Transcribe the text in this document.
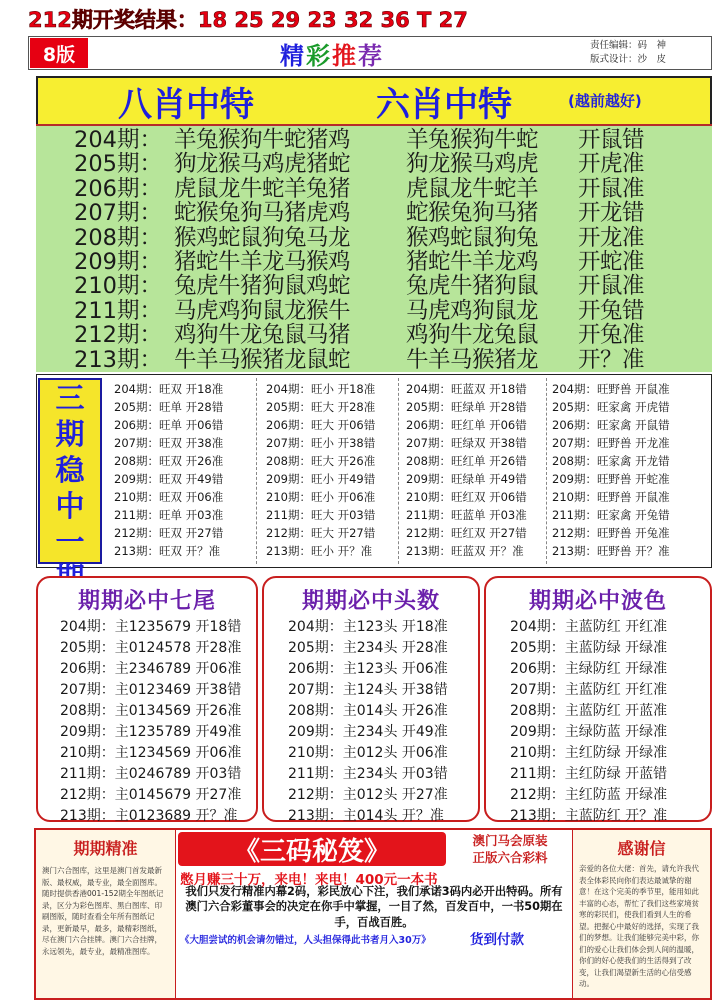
212期开奖结果：18 25 29 23 32 36 T 27
8版	精 彩 推 荐	责任编辑：码　神
版式设计：沙　皮
八肖中特	六肖中特	(越前越好)
204期： 羊兔猴狗牛蛇猪鸡	羊兔猴狗牛蛇	开鼠错
205期： 狗龙猴马鸡虎猪蛇	狗龙猴马鸡虎	开虎准
206期： 虎鼠龙牛蛇羊兔猪	虎鼠龙牛蛇羊	开鼠准
207期： 蛇猴兔狗马猪虎鸡	蛇猴兔狗马猪	开龙错
208期： 猴鸡蛇鼠狗兔马龙	猴鸡蛇鼠狗兔	开龙准
209期： 猪蛇牛羊龙马猴鸡	猪蛇牛羊龙鸡	开蛇准
210期： 兔虎牛猪狗鼠鸡蛇	兔虎牛猪狗鼠	开鼠准
211期： 马虎鸡狗鼠龙猴牛	马虎鸡狗鼠龙	开兔错
212期： 鸡狗牛龙兔鼠马猪	鸡狗牛龙兔鼠	开兔准
213期： 牛羊马猴猪龙鼠蛇	牛羊马猴猪龙	开？准
三
期
稳
中
一
204期：旺双 开18准
205期：旺单 开28错
206期：旺单 开06错
207期：旺双 开38准
208期：旺双 开26准
209期：旺双 开49错
210期：旺双 开06准
211期：旺单 开03准
212期：旺双 开27错
213期：旺双 开？准
204期：旺小 开18准
205期：旺大 开28准
206期：旺大 开06错
207期：旺小 开38错
208期：旺大 开26准
209期：旺小 开49错
210期：旺小 开06准
211期：旺大 开03错
212期：旺大 开27错
213期：旺小 开？准
204期：旺蓝双 开18错
205期：旺绿单 开28错
206期：旺红单 开06错
207期：旺绿双 开38错
208期：旺红单 开26错
209期：旺绿单 开49错
210期：旺红双 开06错
211期：旺蓝单 开03准
212期：旺红双 开27错
213期：旺蓝双 开？准
204期：旺野兽 开鼠准
205期：旺家禽 开虎错
206期：旺家禽 开鼠错
207期：旺野兽 开龙准
208期：旺家禽 开龙错
209期：旺野兽 开蛇准
210期：旺野兽 开鼠准
211期：旺家禽 开兔错
212期：旺野兽 开兔准
213期：旺野兽 开？准
期期必中七尾
204期：主1235679 开18错
205期：主0124578 开28准
206期：主2346789 开06准
207期：主0123469 开38错
208期：主0134569 开26准
209期：主1235789 开49准
210期：主1234569 开06准
211期：主0246789 开03错
212期：主0145679 开27准
213期：主0123689 开？准
期期必中头数
204期：主123头 开18准
205期：主234头 开28准
206期：主123头 开06准
207期：主124头 开38错
208期：主014头 开26准
209期：主234头 开49准
210期：主012头 开06准
211期：主234头 开03错
212期：主012头 开27准
213期：主014头 开？准
期期必中波色
204期：主蓝防红 开红准
205期：主蓝防绿 开绿准
206期：主绿防红 开绿准
207期：主蓝防红 开红准
208期：主蓝防红 开蓝准
209期：主绿防蓝 开绿准
210期：主红防绿 开绿准
211期：主红防绿 开蓝错
212期：主红防蓝 开绿准
213期：主蓝防红 开？准
期期精准
澳门六合图库，这里是澳门首发最新版、最权威，最专业，最全面图库。随时提供香港001-152期全年图纸记录，区分为彩色图库、黑白图库、印刷图版，随时查看全年所有图纸记录，更新最早，最多，最精彩图纸，尽在澳门六合挂牌。澳门六合挂牌，永远领先，最专业，最精准图库。
《三码秘笈》	澳门马会原装
正版六合彩料
憋月赚三十万，来电！来电！400元一本书
我们只发行精准内幕2码，彩民放心下注，我们承诺3码内必开出特码。所有澳门六合彩董事会的决定在你手中掌握，一目了然，百发百中，一书50期在手，百战百胜。
《大胆尝试的机会请勿错过，人头担保得此书者月入30万》	货到付款
感谢信
亲爱的各位大佬：首先，请允许我代表全体彩民向你们表达最诚挚的谢意！在这个完美的季节里，能用如此丰富的心态，帮忙了我们这些家境贫寒的彩民们，使我们看到人生的希望。把握心中最好的选择，实现了我们的梦想。让我们能够完美中彩，你们的爱心让我们体会到人间的温暖，你们的好心使我们的生活得到了改变，让我们渴望新生活的心信受感动。
